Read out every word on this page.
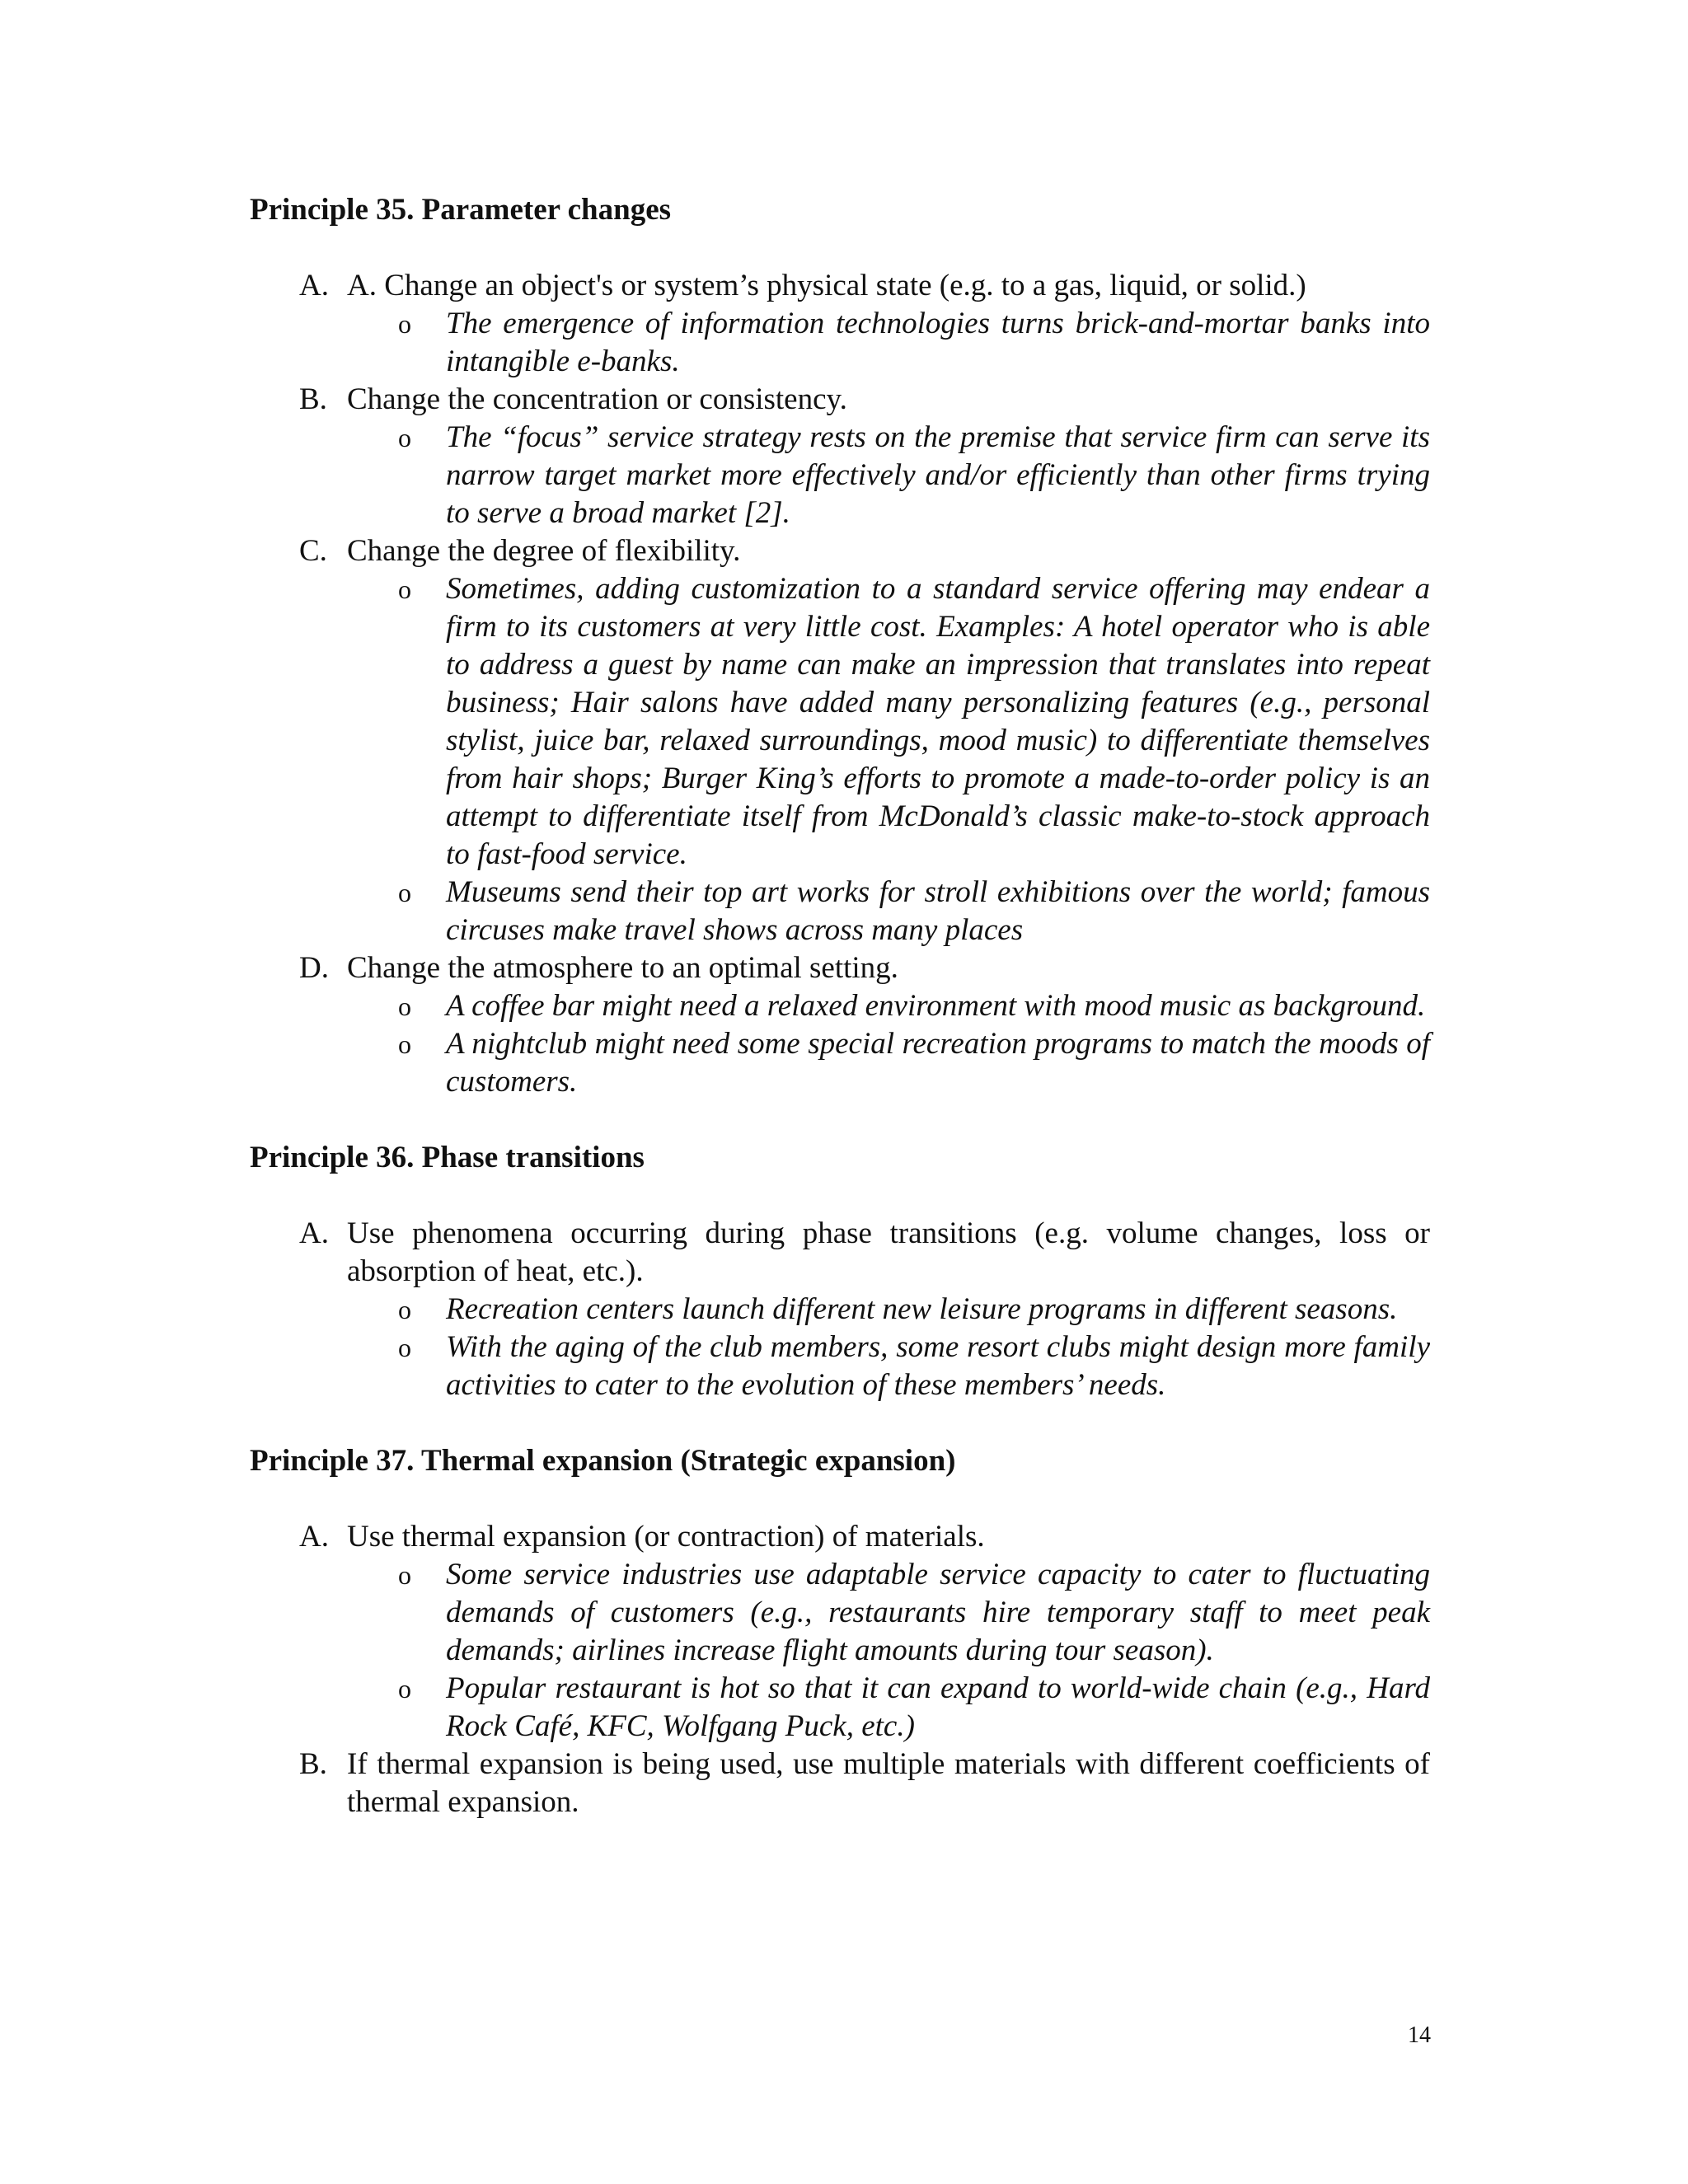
Principle 35. Parameter changes
A. A. Change an object's or system’s physical state (e.g. to a gas, liquid, or solid.)
o The emergence of information technologies turns brick-and-mortar banks into intangible e-banks.
B. Change the concentration or consistency.
o The “focus” service strategy rests on the premise that service firm can serve its narrow target market more effectively and/or efficiently than other firms trying to serve a broad market [2].
C. Change the degree of flexibility.
o Sometimes, adding customization to a standard service offering may endear a firm to its customers at very little cost. Examples: A hotel operator who is able to address a guest by name can make an impression that translates into repeat business; Hair salons have added many personalizing features (e.g., personal stylist, juice bar, relaxed surroundings, mood music) to differentiate themselves from hair shops; Burger King’s efforts to promote a made-to-order policy is an attempt to differentiate itself from McDonald’s classic make-to-stock approach to fast-food service.
o Museums send their top art works for stroll exhibitions over the world; famous circuses make travel shows across many places
D. Change the atmosphere to an optimal setting.
o A coffee bar might need a relaxed environment with mood music as background.
o A nightclub might need some special recreation programs to match the moods of customers.
Principle 36. Phase transitions
A. Use phenomena occurring during phase transitions (e.g. volume changes, loss or absorption of heat, etc.).
o Recreation centers launch different new leisure programs in different seasons.
o With the aging of the club members, some resort clubs might design more family activities to cater to the evolution of these members’ needs.
Principle 37. Thermal expansion (Strategic expansion)
A. Use thermal expansion (or contraction) of materials.
o Some service industries use adaptable service capacity to cater to fluctuating demands of customers (e.g., restaurants hire temporary staff to meet peak demands; airlines increase flight amounts during tour season).
o Popular restaurant is hot so that it can expand to world-wide chain (e.g., Hard Rock Café, KFC, Wolfgang Puck, etc.)
B. If thermal expansion is being used, use multiple materials with different coefficients of thermal expansion.
14
